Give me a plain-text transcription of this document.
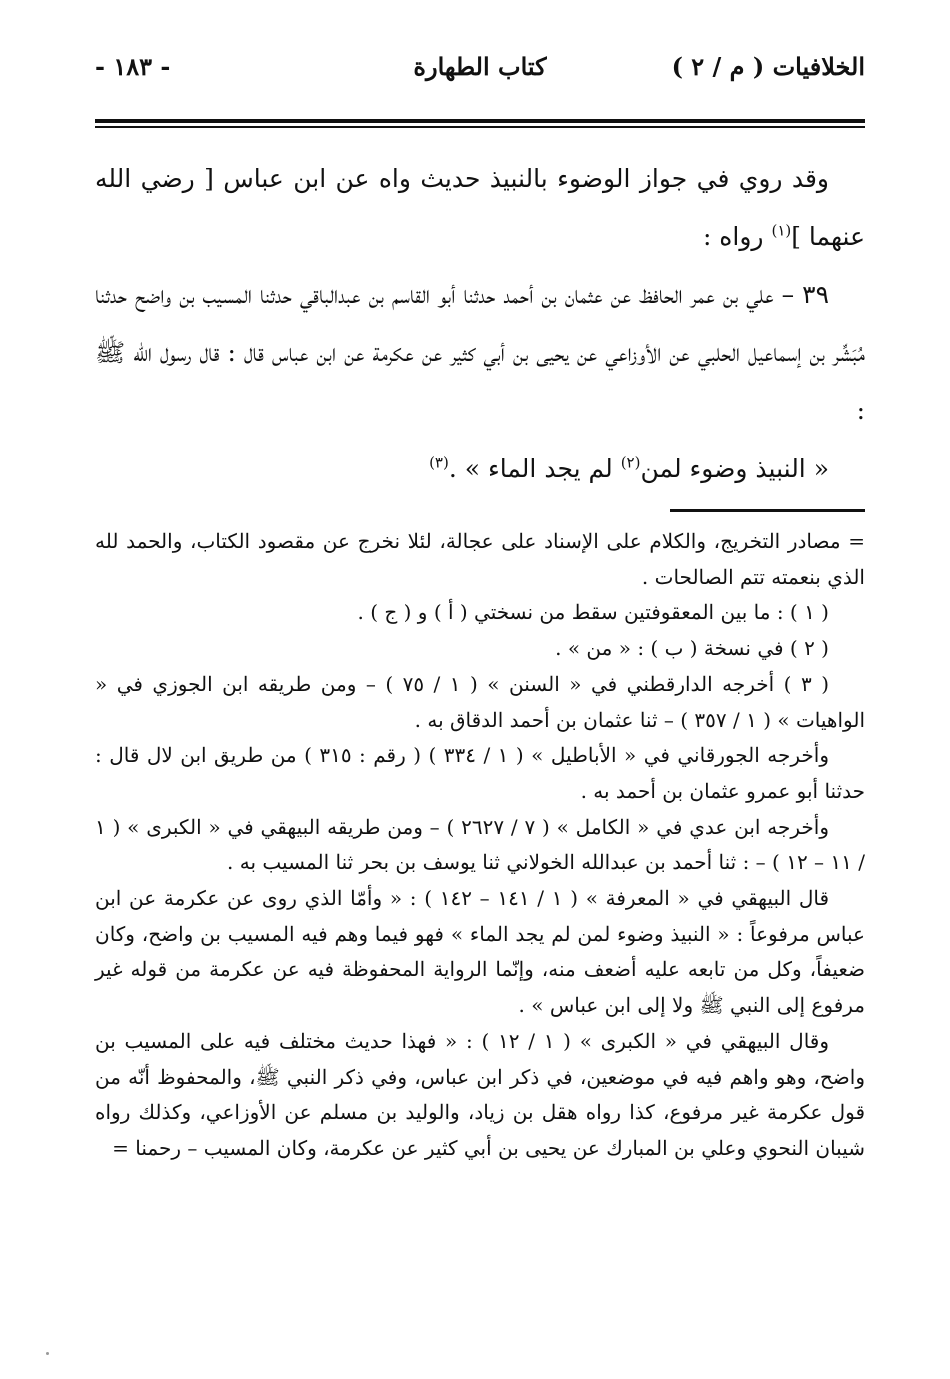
الخلافيات ( م / ٢ )
كتاب الطهارة
- ١٨٣ -

وقد روي في جواز الوضوء بالنبيذ حديث واه عن ابن عباس [ رضي الله عنهما ]$^{(١)}$ رواه :

٣٩ – علي بن عمر الحافظ عن عثمان بن أحمد حدثنا أبو القاسم بن عبدالباقي حدثنا المسيب بن واضح حدثنا مُبَشِّر بن إسماعيل الحلبي عن الأوزاعي عن يحيى بن أبي كثير عن عكرمة عن ابن عباس قال : قال رسول الله ﷺ :

« النبيذ وضوء لمن$^{(٢)}$ لم يجد الماء » .$^{(٣)}$

= مصادر التخريج، والكلام على الإسناد على عجالة، لئلا نخرج عن مقصود الكتاب، والحمد لله الذي بنعمته تتم الصالحات .

( ١ ) : ما بين المعقوفتين سقط من نسختي ( أ ) و ( ج ) .

( ٢ ) في نسخة ( ب ) : « من » .

( ٣ ) أخرجه الدارقطني في « السنن » ( ١ / ٧٥ ) – ومن طريقه ابن الجوزي في « الواهيات » ( ١ / ٣٥٧ ) – ثنا عثمان بن أحمد الدقاق به .

وأخرجه الجورقاني في « الأباطيل » ( ١ / ٣٣٤ ) ( رقم : ٣١٥ ) من طريق ابن لال قال : حدثنا أبو عمرو عثمان بن أحمد به .

وأخرجه ابن عدي في « الكامل » ( ٧ / ٢٦٢٧ ) – ومن طريقه البيهقي في « الكبرى » ( ١ / ١١ – ١٢ ) – : ثنا أحمد بن عبدالله الخولاني ثنا يوسف بن بحر ثنا المسيب به .

قال البيهقي في « المعرفة » ( ١ / ١٤١ – ١٤٢ ) : « وأمّا الذي روى عن عكرمة عن ابن عباس مرفوعاً : « النبيذ وضوء لمن لم يجد الماء » فهو فيما وهم فيه المسيب بن واضح، وكان ضعيفاً، وكل من تابعه عليه أضعف منه، وإنّما الرواية المحفوظة فيه عن عكرمة من قوله غير مرفوع إلى النبي ﷺ ولا إلى ابن عباس » .

وقال البيهقي في « الكبرى » ( ١ / ١٢ ) : « فهذا حديث مختلف فيه على المسيب بن واضح، وهو واهم فيه في موضعين، في ذكر ابن عباس، وفي ذكر النبي ﷺ، والمحفوظ أنّه من قول عكرمة غير مرفوع، كذا رواه هقل بن زياد، والوليد بن مسلم عن الأوزاعي، وكذلك رواه شيبان النحوي وعلي بن المبارك عن يحيى بن أبي كثير عن عكرمة، وكان المسيب – رحمنا =
